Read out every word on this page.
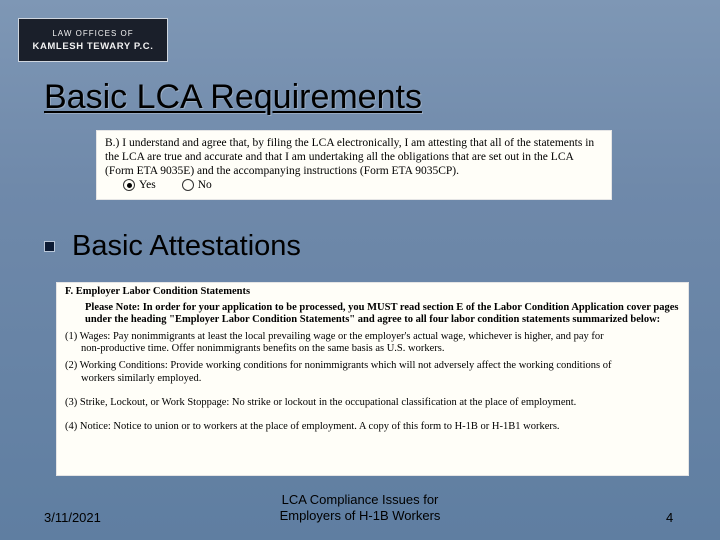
LAW OFFICES OF
KAMLESH TEWARY P.C.
Basic LCA Requirements
B.) I understand and agree that, by filing the LCA electronically, I am attesting that all of the statements in the LCA are true and accurate and that I am undertaking all the obligations that are set out in the LCA (Form ETA 9035E) and the accompanying instructions (Form ETA 9035CP).
Yes	No
Basic Attestations
F. Employer Labor Condition Statements
Please Note: In order for your application to be processed, you MUST read section E of the Labor Condition Application cover pages under the heading "Employer Labor Condition Statements" and agree to all four labor condition statements summarized below:
(1) Wages: Pay nonimmigrants at least the local prevailing wage or the employer's actual wage, whichever is higher, and pay for
non-productive time. Offer nonimmigrants benefits on the same basis as U.S. workers.
(2) Working Conditions: Provide working conditions for nonimmigrants which will not adversely affect the working conditions of
workers similarly employed.
(3) Strike, Lockout, or Work Stoppage: No strike or lockout in the occupational classification at the place of employment.
(4) Notice: Notice to union or to workers at the place of employment. A copy of this form to H-1B or H-1B1 workers.
3/11/2021
LCA Compliance Issues for
Employers of H-1B Workers	4
